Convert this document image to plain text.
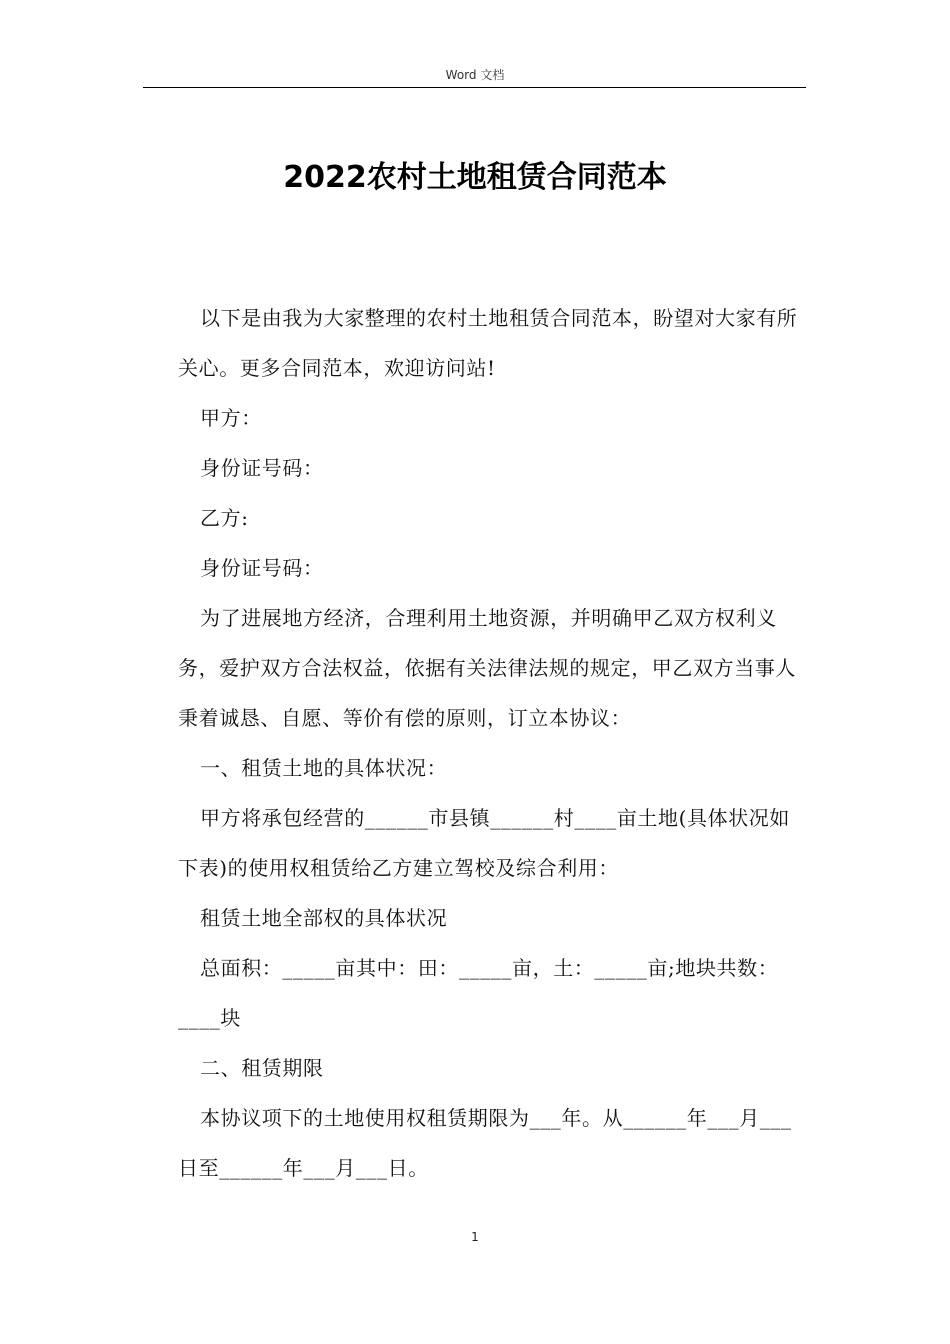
Word 文档
2022农村土地租赁合同范本

以下是由我为大家整理的农村土地租赁合同范本，盼望对大家有所关心。更多合同范本，欢迎访问站!

甲方：

身份证号码：

乙方:

身份证号码：

为了进展地方经济，合理利用土地资源，并明确甲乙双方权利义务，爱护双方合法权益，依据有关法律法规的规定，甲乙双方当事人秉着诚恳、自愿、等价有偿的原则，订立本协议：

一、租赁土地的具体状况：

甲方将承包经营的______市县镇______村____亩土地(具体状况如下表)的使用权租赁给乙方建立驾校及综合利用：

租赁土地全部权的具体状况

总面积：_____亩其中：田：_____亩，土：_____亩;地块共数：____块

二、租赁期限

本协议项下的土地使用权租赁期限为___年。从______年___月___日至______年___月___日。

1
